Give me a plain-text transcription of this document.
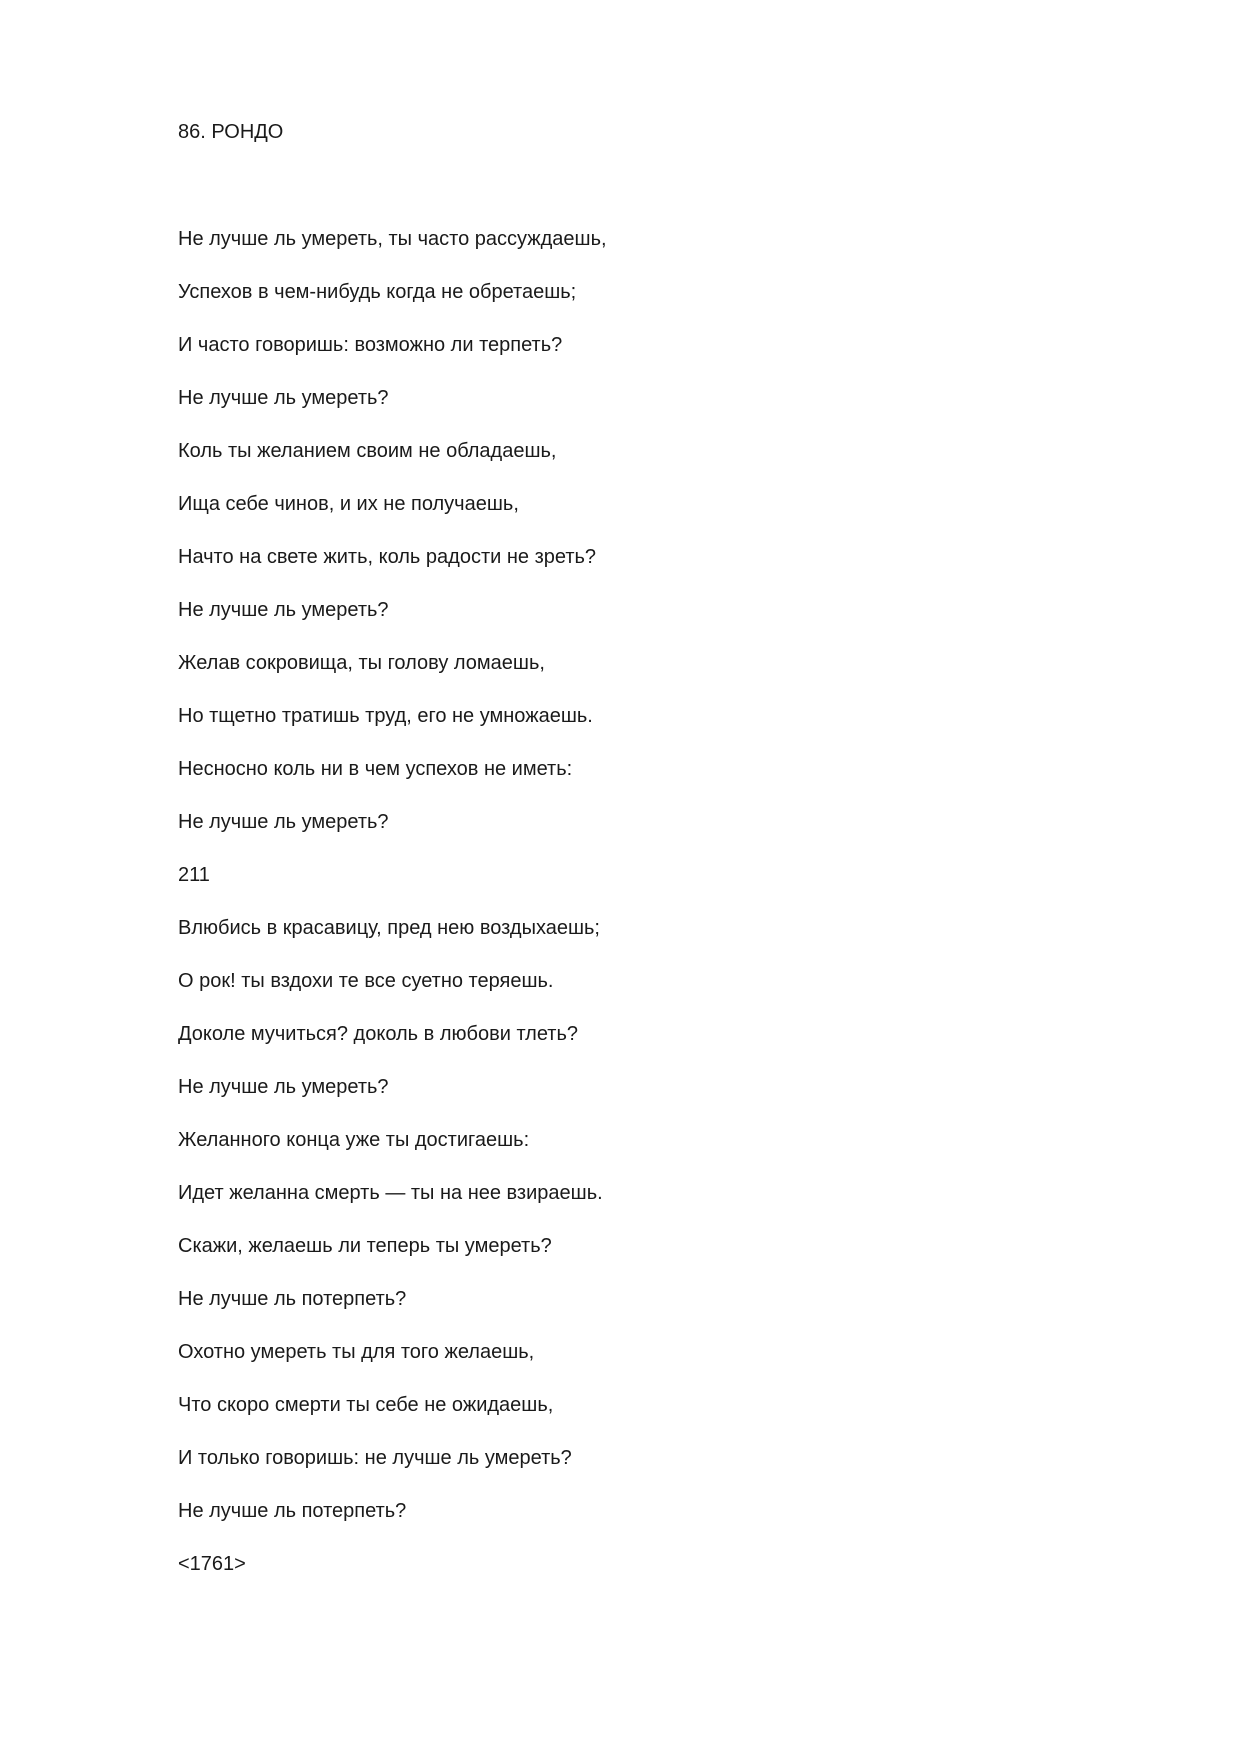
86. РОНДО

Не лучше ль умереть, ты часто рассуждаешь,

Успехов в чем-нибудь когда не обретаешь;

И часто говоришь: возможно ли терпеть?

Не лучше ль умереть?

Коль ты желанием своим не обладаешь,

Ища себе чинов, и их не получаешь,

Начто на свете жить, коль радости не зреть?

Не лучше ль умереть?

Желав сокровища, ты голову ломаешь,

Но тщетно тратишь труд, его не умножаешь.

Несносно коль ни в чем успехов не иметь:

Не лучше ль умереть?

211

Влюбись в красавицу, пред нею воздыхаешь;

О рок! ты вздохи те все суетно теряешь.

Доколе мучиться? доколь в любови тлеть?

Не лучше ль умереть?

Желанного конца уже ты достигаешь:

Идет желанна смерть — ты на нее взираешь.

Скажи, желаешь ли теперь ты умереть?

Не лучше ль потерпеть?

Охотно умереть ты для того желаешь,

Что скоро смерти ты себе не ожидаешь,

И только говоришь: не лучше ль умереть?

Не лучше ль потерпеть?

<1761>
